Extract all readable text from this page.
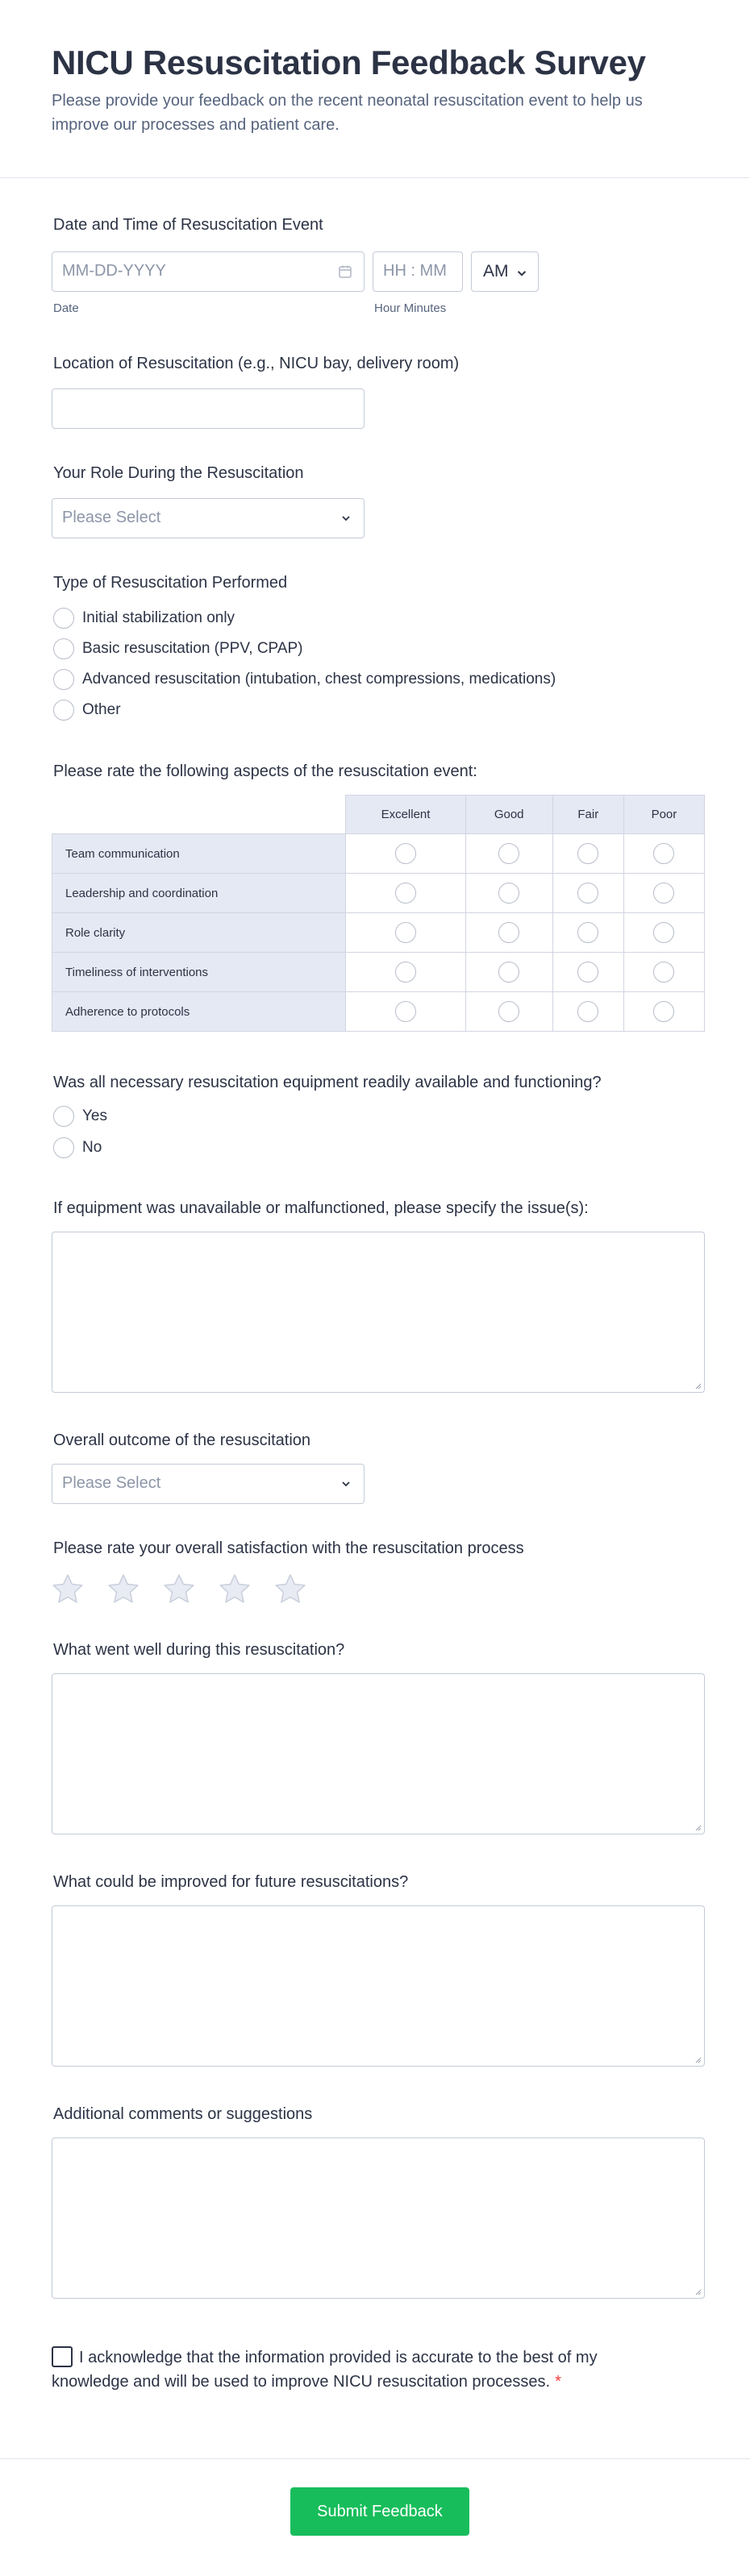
NICU Resuscitation Feedback Survey
Please provide your feedback on the recent neonatal resuscitation event to help us improve our processes and patient care.
Date and Time of Resuscitation Event
MM-DD-YYYY	HH : MM AM
Date	Hour Minutes
Location of Resuscitation (e.g., NICU bay, delivery room)
Your Role During the Resuscitation
Please Select
Type of Resuscitation Performed
Initial stabilization only
Basic resuscitation (PPV, CPAP)
Advanced resuscitation (intubation, chest compressions, medications)
Other
Please rate the following aspects of the resuscitation event:
	Excellent	Good	Fair	Poor
Team communication				
Leadership and coordination				
Role clarity				
Timeliness of interventions				
Adherence to protocols				
Was all necessary resuscitation equipment readily available and functioning?
Yes
No
If equipment was unavailable or malfunctioned, please specify the issue(s):
Overall outcome of the resuscitation
Please Select
Please rate your overall satisfaction with the resuscitation process
What went well during this resuscitation?
What could be improved for future resuscitations?
Additional comments or suggestions
I acknowledge that the information provided is accurate to the best of my knowledge and will be used to improve NICU resuscitation processes. *
Submit Feedback
